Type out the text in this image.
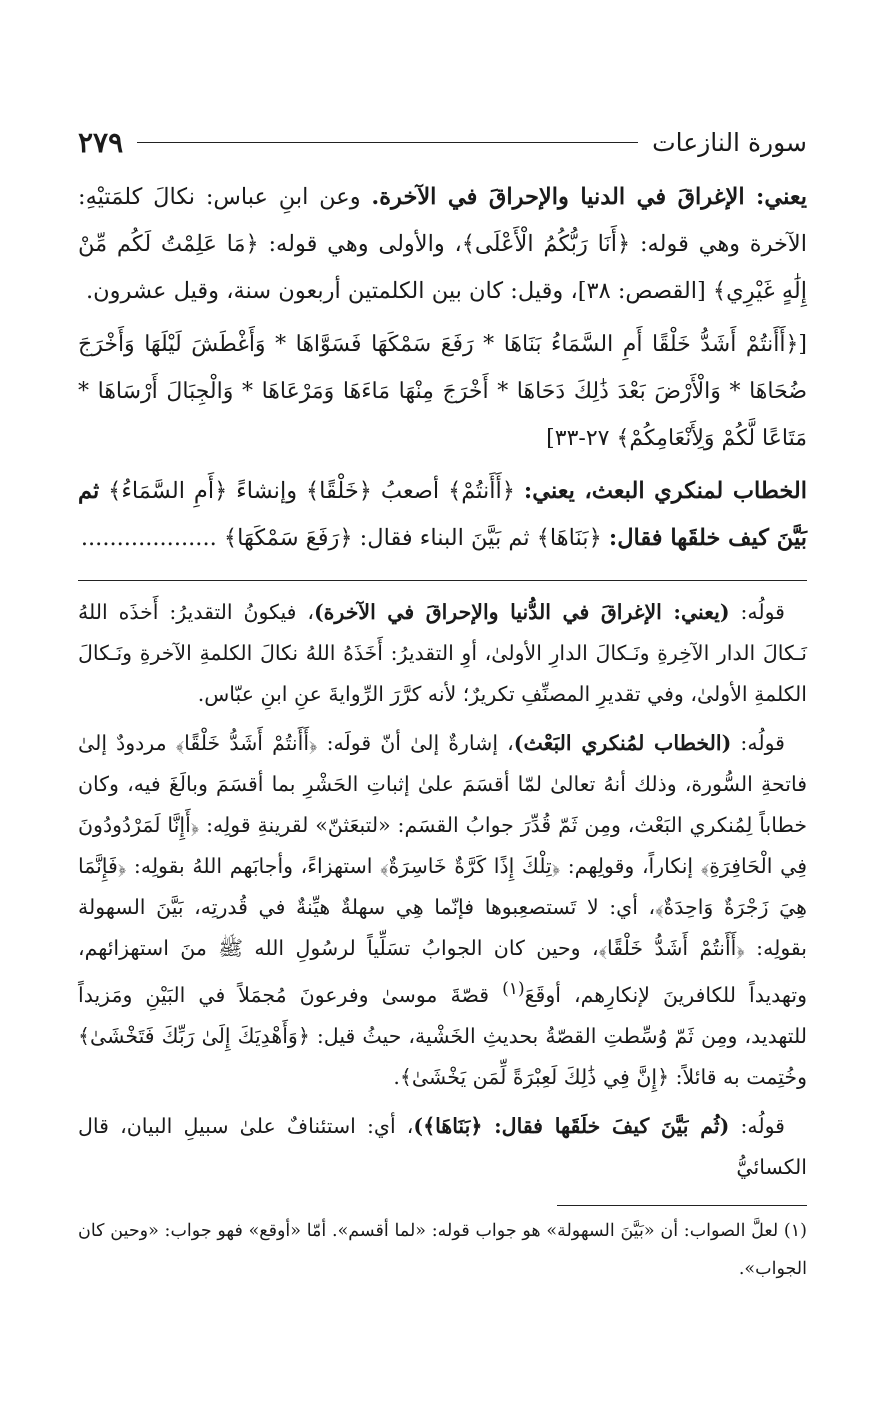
سورة النازعات
٢٧٩

يعني: الإغراقَ في الدنيا والإحراقَ في الآخرة. وعن ابنِ عباس: نكالَ كلمَتيْهِ: الآخرة وهي قوله: ﴿أَنَا رَبُّكُمُ الْأَعْلَى﴾، والأولى وهي قوله: ﴿مَا عَلِمْتُ لَكُم مِّنْ إِلَٰهٍ غَيْرِي﴾ [القصص: ٣٨]، وقيل: كان بين الكلمتين أربعون سنة، وقيل عشرون.

[﴿أَأَنتُمْ أَشَدُّ خَلْقًا أَمِ السَّمَاءُ بَنَاهَا * رَفَعَ سَمْكَهَا فَسَوَّاهَا * وَأَغْطَشَ لَيْلَهَا وَأَخْرَجَ ضُحَاهَا * وَالْأَرْضَ بَعْدَ ذَٰلِكَ دَحَاهَا * أَخْرَجَ مِنْهَا مَاءَهَا وَمَرْعَاهَا * وَالْجِبَالَ أَرْسَاهَا * مَتَاعًا لَّكُمْ وَلِأَنْعَامِكُمْ﴾ ٢٧-٣٣]

الخطاب لمنكري البعث، يعني: ﴿أَأَنتُمْ﴾ أصعبُ ﴿خَلْقًا﴾ وإنشاءً ﴿أَمِ السَّمَاءُ﴾ ثم بَيَّنَ كيف خلقَها فقال: ﴿بَنَاهَا﴾ ثم بَيَّنَ البناء فقال: ﴿رَفَعَ سَمْكَهَا﴾ ...................

قولُه: (يعني: الإغراقَ في الدُّنيا والإحراقَ في الآخرة)، فيكونُ التقديرُ: أَخذَه اللهُ نَـكالَ الدار الآخِرةِ ونَـكالَ الدارِ الأولىٰ، أوِ التقديرُ: أَخَذَهُ اللهُ نكالَ الكلمةِ الآخرةِ ونَـكالَ الكلمةِ الأولىٰ، وفي تقديرِ المصنِّفِ تكريرٌ؛ لأنه كرَّرَ الرِّوايةَ عنِ ابنِ عبّاس.

قولُه: (الخطاب لمُنكري البَعْث)، إشارةٌ إلىٰ أنّ قولَه: ﴿أَأَنتُمْ أَشَدُّ خَلْقًا﴾ مردودٌ إلىٰ فاتحةِ السُّورة، وذلك أنهُ تعالىٰ لمّا أقسَمَ علىٰ إثباتِ الحَشْرِ بما أقسَمَ وبالَغَ فيه، وكان خطاباً لِمُنكري البَعْث، ومِن ثَمّ قُدِّرَ جوابُ القسَم: «لتبعَثنّ» لقرينةِ قولِه: ﴿أَإِنَّا لَمَرْدُودُونَ فِي الْحَافِرَةِ﴾ إنكاراً، وقولِهم: ﴿تِلْكَ إِذًا كَرَّةٌ خَاسِرَةٌ﴾ استهزاءً، وأجابَهم اللهُ بقولِه: ﴿فَإِنَّمَا هِيَ زَجْرَةٌ وَاحِدَةٌ﴾، أي: لا تَستصعِبوها فإنّما هِي سهلةٌ هيِّنةٌ في قُدرتِه، بَيَّنَ السهولة بقولِه: ﴿أَأَنتُمْ أَشَدُّ خَلْقًا﴾، وحين كان الجوابُ تسَلِّياً لرسُولِ الله ﷺ منَ استهزائهم، وتهديداً للكافرينَ لإنكارِهم، أوقَعَ$^{(١)}$ قصّةَ موسىٰ وفرعونَ مُجمَلاً في البَيْنِ ومَزيداً للتهديد، ومِن ثَمّ وُسِّطتِ القصّةُ بحديثِ الخَشْية، حيثُ قيل: ﴿وَأَهْدِيَكَ إِلَىٰ رَبِّكَ فَتَخْشَىٰ﴾ وخُتِمت به قائلاً: ﴿إِنَّ فِي ذَٰلِكَ لَعِبْرَةً لِّمَن يَخْشَىٰ﴾.

قولُه: (ثُم بَيَّنَ كيفَ خلَقَها فقال: ﴿بَنَاهَا﴾)، أي: استئنافٌ علىٰ سبيلِ البيان، قال الكسائيُّ

(١) لعلَّ الصواب: أن «بَيَّنَ السهولة» هو جواب قوله: «لما أقسم». أمّا «أوقع» فهو جواب: «وحين كان الجواب».
